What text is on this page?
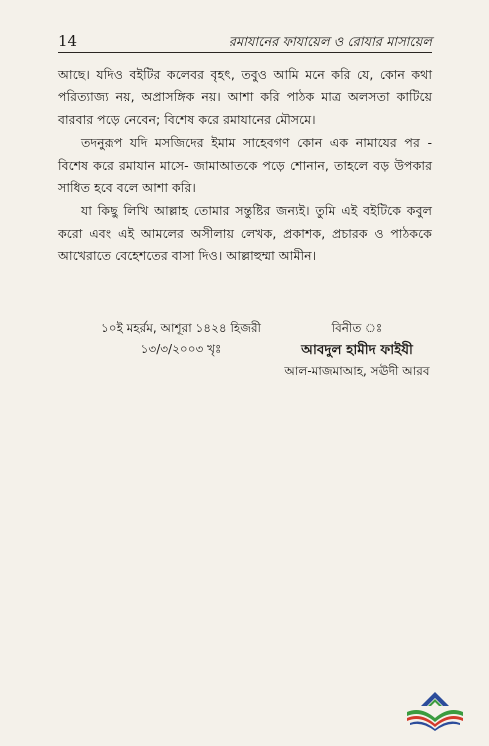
14	রমাযানের ফাযায়েল ও রোযার মাসায়েল

আছে। যদিও বইটির কলেবর বৃহৎ, তবুও আমি মনে করি যে, কোন কথা পরিত্যাজ্য নয়, অপ্রাসঙ্গিক নয়। আশা করি পাঠক মাত্র অলসতা কাটিয়ে বারবার পড়ে নেবেন; বিশেষ করে রমাযানের মৌসমে।

তদনুরূপ যদি মসজিদের ইমাম সাহেবগণ কোন এক নামাযের পর - বিশেষ করে রমাযান মাসে- জামাআতকে পড়ে শোনান, তাহলে বড় উপকার সাধিত হবে বলে আশা করি।

যা কিছু লিখি আল্লাহ তোমার সন্তুষ্টির জন্যই। তুমি এই বইটিকে কবুল করো এবং এই আমলের অসীলায় লেখক, প্রকাশক, প্রচারক ও পাঠককে আখেরাতে বেহেশতের বাসা দিও। আল্লাহুম্মা আমীন।

১০ই মহর্রম, আশূরা ১৪২৪ হিজরী
১৩/৩/২০০৩ খৃঃ
বিনীত ঃ
আবদুল হামীদ ফাইযী
আল-মাজমাআহ, সঊদী আরব
